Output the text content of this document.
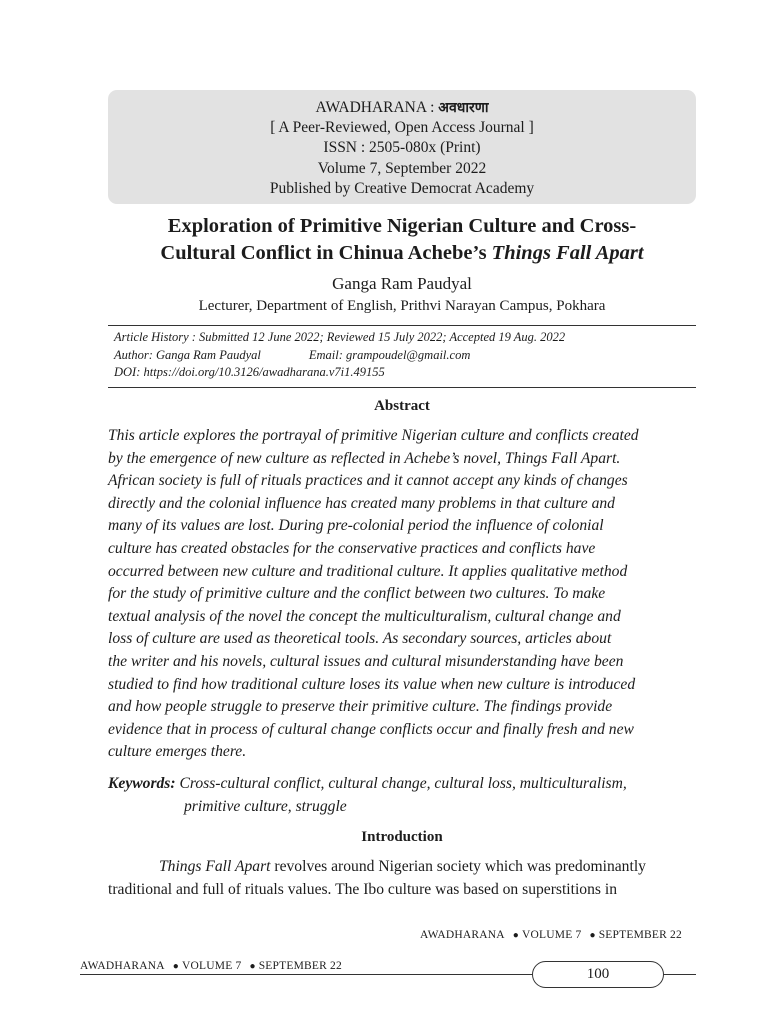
AWADHARANA : अवधारणा
[ A Peer-Reviewed, Open Access Journal ]
ISSN : 2505-080x (Print)
Volume 7, September 2022
Published by Creative Democrat Academy
Exploration of Primitive Nigerian Culture and Cross-
Cultural Conflict in Chinua Achebe’s Things Fall Apart
Ganga Ram Paudyal
Lecturer, Department of English, Prithvi Narayan Campus, Pokhara
Article History : Submitted 12 June 2022; Reviewed 15 July 2022; Accepted 19 Aug. 2022
Author: Ganga Ram Paudyal	Email: grampoudel@gmail.com
DOI: https://doi.org/10.3126/awadharana.v7i1.49155
Abstract
This article explores the portrayal of primitive Nigerian culture and conflicts created
by the emergence of new culture as reflected in Achebe’s novel, Things Fall Apart.
African society is full of rituals practices and it cannot accept any kinds of changes
directly and the colonial influence has created many problems in that culture and
many of its values are lost. During pre-colonial period the influence of colonial
culture has created obstacles for the conservative practices and conflicts have
occurred between new culture and traditional culture. It applies qualitative method
for the study of primitive culture and the conflict between two cultures. To make
textual analysis of the novel the concept the multiculturalism, cultural change and
loss of culture are used as theoretical tools. As secondary sources, articles about
the writer and his novels, cultural issues and cultural misunderstanding have been
studied to find how traditional culture loses its value when new culture is introduced
and how people struggle to preserve their primitive culture. The findings provide
evidence that in process of cultural change conflicts occur and finally fresh and new
culture emerges there.
Keywords: Cross-cultural conflict, cultural change, cultural loss, multiculturalism,
primitive culture, struggle
Introduction
Things Fall Apart revolves around Nigerian society which was predominantly
traditional and full of rituals values. The Ibo culture was based on superstitions in
AWADHARANA ● VOLUME 7 ● SEPTEMBER 22
AWADHARANA ● VOLUME 7 ● SEPTEMBER 22	100
